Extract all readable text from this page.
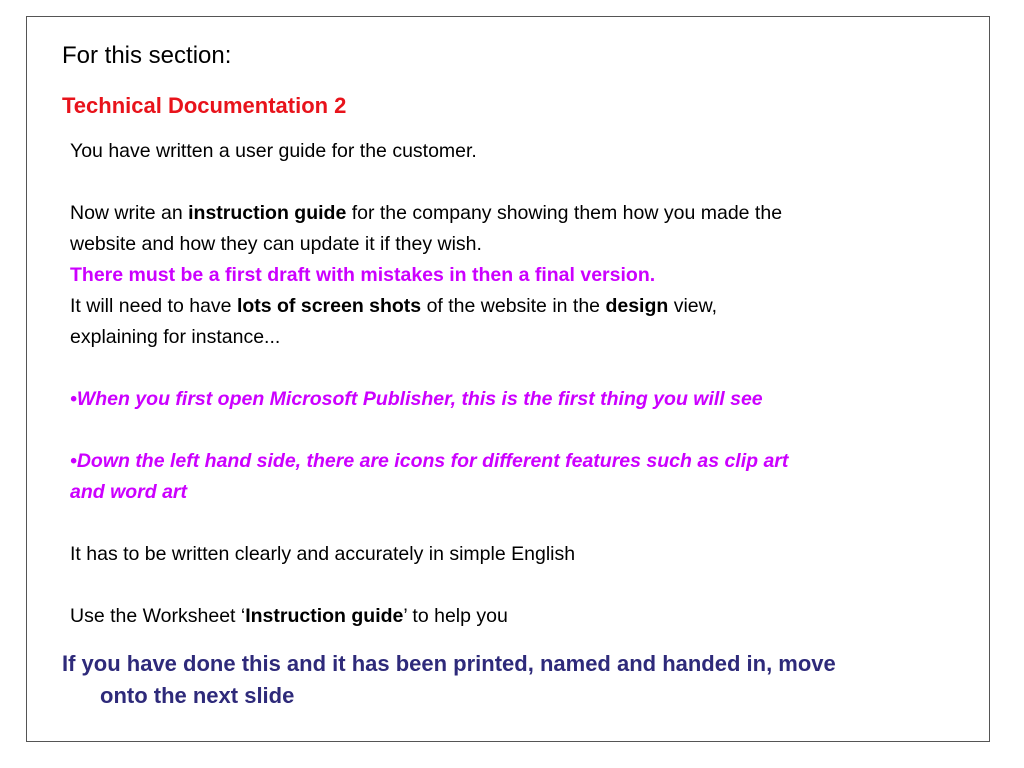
For this section:
Technical Documentation 2

You have written a user guide for the customer.

Now write an instruction guide for the company showing them how you made the

website and how they can update it if they wish.

There must be a first draft with mistakes in then a final version.

It will need to have lots of screen shots of the website in the design view,

explaining for instance...

•When you first open Microsoft Publisher, this is the first thing you will see

•Down the left hand side, there are icons for different features such as clip art

and word art

It has to be written clearly and accurately in simple English

Use the Worksheet ‘Instruction guide’ to help you

If you have done this and it has been printed, named and handed in, move

onto the next slide
